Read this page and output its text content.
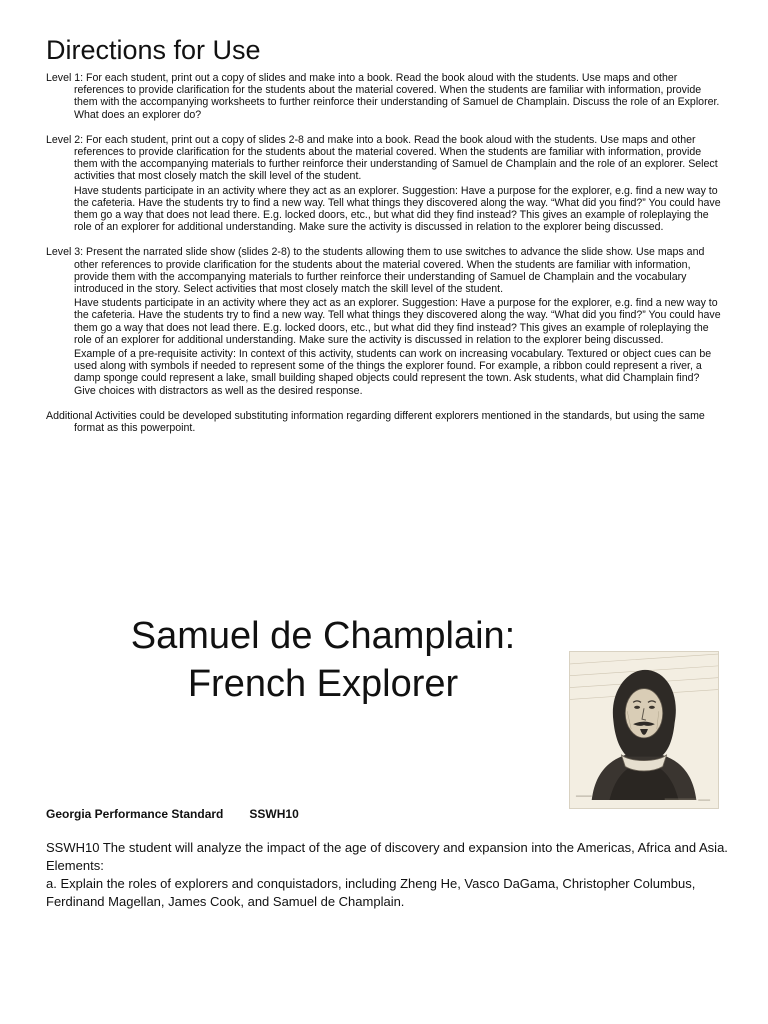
Directions for Use

Level 1: For each student, print out a copy of slides and make into a book. Read the book aloud with the students. Use maps and other references to provide clarification for the students about the material covered. When the students are familiar with information, provide them with the accompanying worksheets to further reinforce their understanding of Samuel de Champlain. Discuss the role of an Explorer. What does an explorer do?

Level 2: For each student, print out a copy of slides 2-8 and make into a book. Read the book aloud with the students. Use maps and other references to provide clarification for the students about the material covered. When the students are familiar with information, provide them with the accompanying materials to further reinforce their understanding of Samuel de Champlain and the role of an explorer. Select activities that most closely match the skill level of the student.

Have students participate in an activity where they act as an explorer. Suggestion: Have a purpose for the explorer, e.g. find a new way to the cafeteria. Have the students try to find a new way. Tell what things they discovered along the way. “What did you find?” You could have them go a way that does not lead there. E.g. locked doors, etc., but what did they find instead? This gives an example of roleplaying the role of an explorer for additional understanding. Make sure the activity is discussed in relation to the explorer being discussed.

Level 3: Present the narrated slide show (slides 2-8) to the students allowing them to use switches to advance the slide show. Use maps and other references to provide clarification for the students about the material covered. When the students are familiar with information, provide them with the accompanying materials to further reinforce their understanding of Samuel de Champlain and the vocabulary introduced in the story. Select activities that most closely match the skill level of the student.

Have students participate in an activity where they act as an explorer. Suggestion: Have a purpose for the explorer, e.g. find a new way to the cafeteria. Have the students try to find a new way. Tell what things they discovered along the way. “What did you find?” You could have them go a way that does not lead there. E.g. locked doors, etc., but what did they find instead? This gives an example of roleplaying the role of an explorer for additional understanding. Make sure the activity is discussed in relation to the explorer being discussed.

Example of a pre-requisite activity: In context of this activity, students can work on increasing vocabulary. Textured or object cues can be used along with symbols if needed to represent some of the things the explorer found. For example, a ribbon could represent a river, a damp sponge could represent a lake, small building shaped objects could represent the town. Ask students, what did Champlain find? Give choices with distractors as well as the desired response.

Additional Activities could be developed substituting information regarding different explorers mentioned in the standards, but using the same format as this powerpoint.

Samuel de Champlain:
French Explorer
Georgia Performance Standard SSWH10

SSWH10 The student will analyze the impact of the age of discovery and expansion into the Americas, Africa and Asia.

Elements:

a. Explain the roles of explorers and conquistadors, including Zheng He, Vasco DaGama, Christopher Columbus, Ferdinand Magellan, James Cook, and Samuel de Champlain.
